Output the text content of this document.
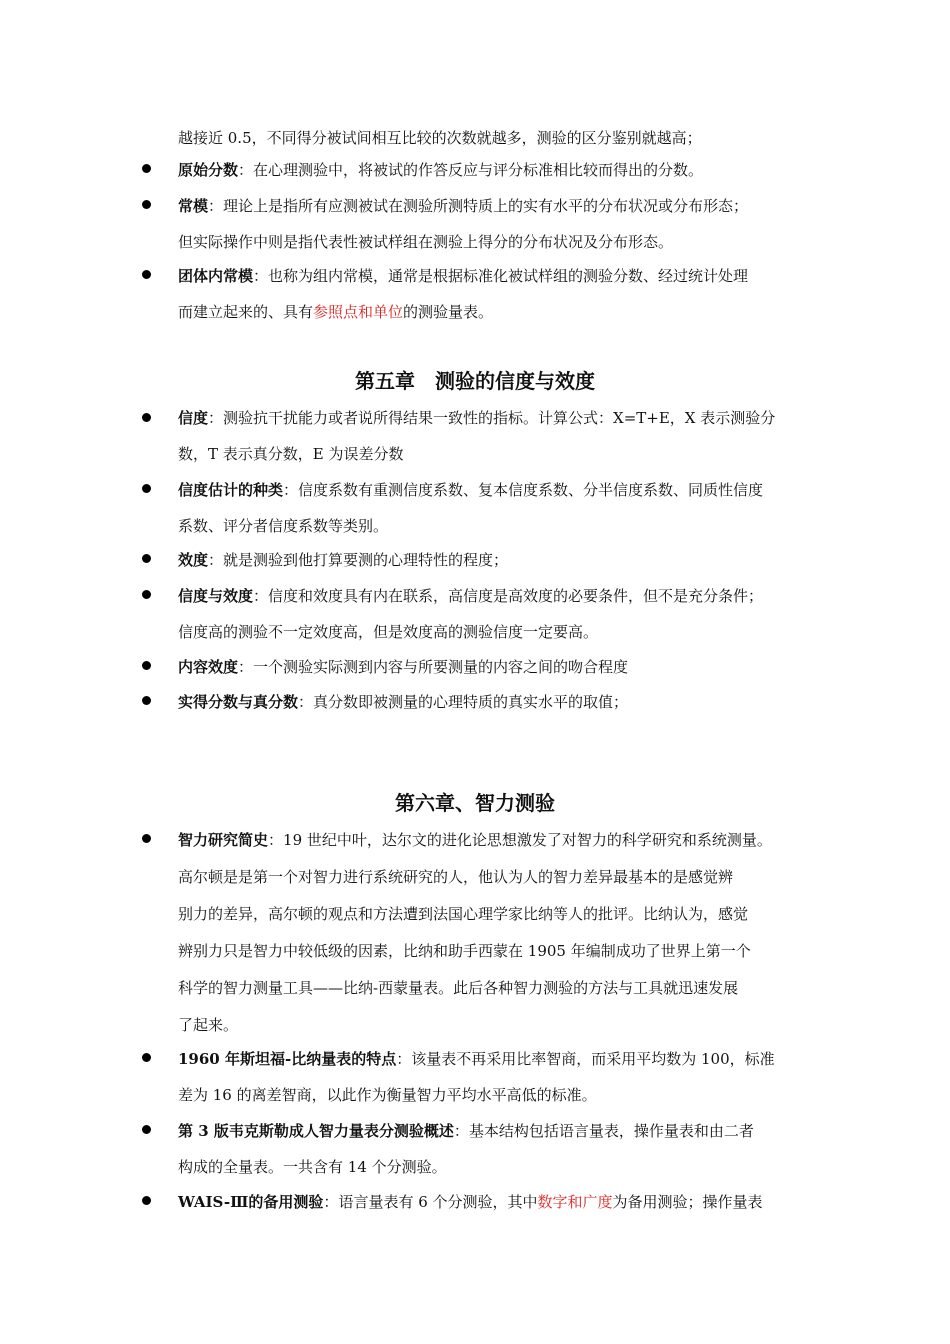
越接近 0.5，不同得分被试间相互比较的次数就越多，测验的区分鉴别就越高；
原始分数：在心理测验中，将被试的作答反应与评分标准相比较而得出的分数。
常模：理论上是指所有应测被试在测验所测特质上的实有水平的分布状况或分布形态；
但实际操作中则是指代表性被试样组在测验上得分的分布状况及分布形态。
团体内常模：也称为组内常模，通常是根据标准化被试样组的测验分数、经过统计处理
而建立起来的、具有参照点和单位的测验量表。
第五章　测验的信度与效度
信度：测验抗干扰能力或者说所得结果一致性的指标。计算公式：X=T+E，X 表示测验分
数，T 表示真分数，E 为误差分数
信度估计的种类：信度系数有重测信度系数、复本信度系数、分半信度系数、同质性信度
系数、评分者信度系数等类别。
效度：就是测验到他打算要测的心理特性的程度；
信度与效度：信度和效度具有内在联系，高信度是高效度的必要条件，但不是充分条件；
信度高的测验不一定效度高，但是效度高的测验信度一定要高。
内容效度：一个测验实际测到内容与所要测量的内容之间的吻合程度
实得分数与真分数：真分数即被测量的心理特质的真实水平的取值；
第六章、智力测验
智力研究简史：19 世纪中叶，达尔文的进化论思想激发了对智力的科学研究和系统测量。
高尔顿是是第一个对智力进行系统研究的人，他认为人的智力差异最基本的是感觉辨
别力的差异，高尔顿的观点和方法遭到法国心理学家比纳等人的批评。比纳认为，感觉
辨别力只是智力中较低级的因素，比纳和助手西蒙在 1905 年编制成功了世界上第一个
科学的智力测量工具——比纳-西蒙量表。此后各种智力测验的方法与工具就迅速发展
了起来。
1960 年斯坦福-比纳量表的特点：该量表不再采用比率智商，而采用平均数为 100，标准
差为 16 的离差智商，以此作为衡量智力平均水平高低的标准。
第 3 版韦克斯勒成人智力量表分测验概述：基本结构包括语言量表，操作量表和由二者
构成的全量表。一共含有 14 个分测验。
WAIS-Ⅲ的备用测验：语言量表有 6 个分测验，其中数字和广度为备用测验；操作量表
